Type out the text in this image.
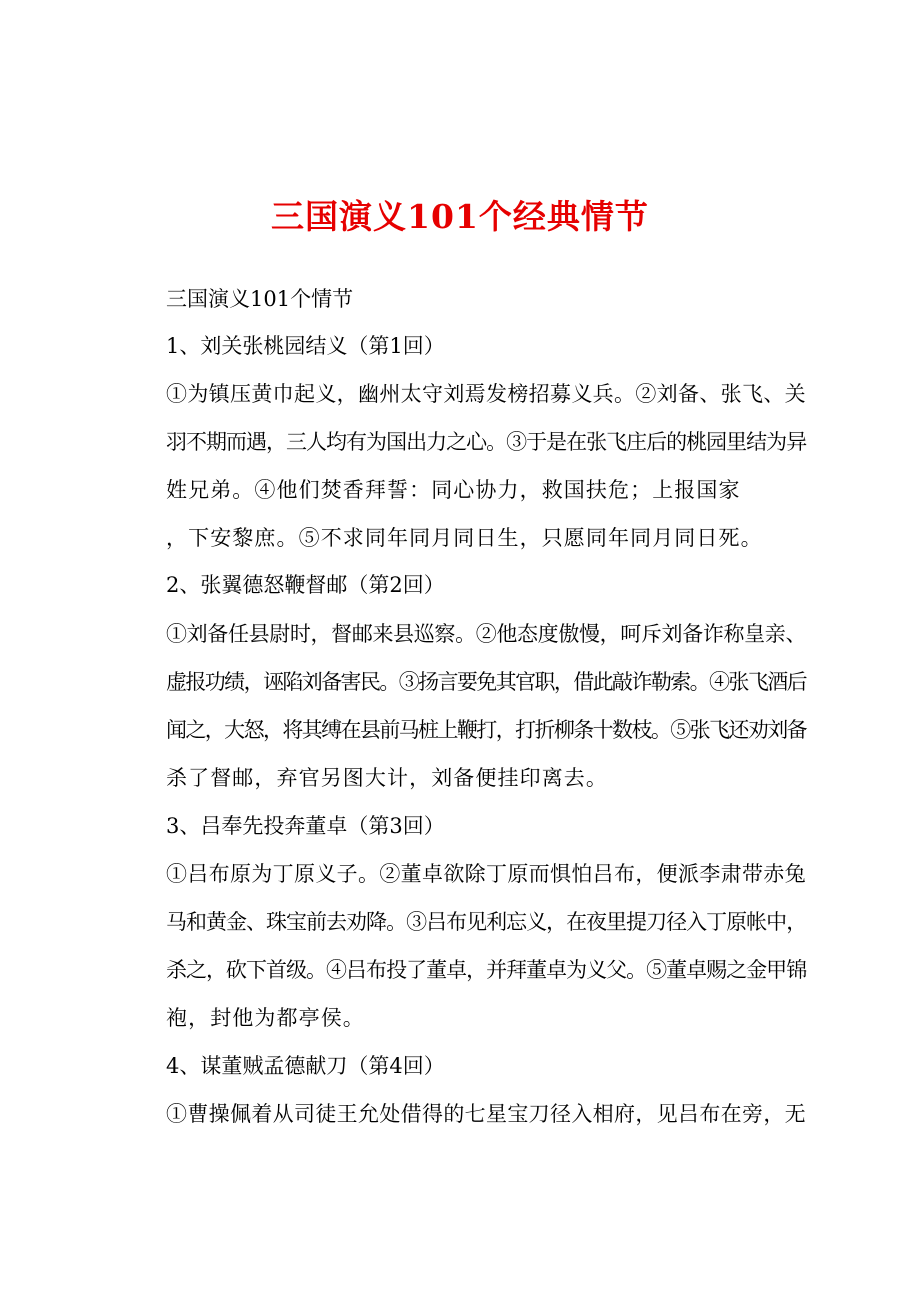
三国演义101个经典情节
三国演义101个情节
1、刘关张桃园结义（第1回）
①为镇压黄巾起义，幽州太守刘焉发榜招募义兵。②刘备、张飞、关
羽不期而遇，三人均有为国出力之心。③于是在张飞庄后的桃园里结为异
姓兄弟。④他们焚香拜誓：同心协力，救国扶危；上报国家
，下安黎庶。⑤不求同年同月同日生，只愿同年同月同日死。
2、张翼德怒鞭督邮（第2回）
①刘备任县尉时，督邮来县巡察。②他态度傲慢，呵斥刘备诈称皇亲、
虚报功绩，诬陷刘备害民。③扬言要免其官职，借此敲诈勒索。④张飞酒后
闻之，大怒，将其缚在县前马桩上鞭打，打折柳条十数枝。⑤张飞还劝刘备
杀了督邮，弃官另图大计，刘备便挂印离去。
3、吕奉先投奔董卓（第3回）
①吕布原为丁原义子。②董卓欲除丁原而惧怕吕布，便派李肃带赤兔
马和黄金、珠宝前去劝降。③吕布见利忘义，在夜里提刀径入丁原帐中，
杀之，砍下首级。④吕布投了董卓，并拜董卓为义父。⑤董卓赐之金甲锦
袍，封他为都亭侯。
4、谋董贼孟德献刀（第4回）
①曹操佩着从司徒王允处借得的七星宝刀径入相府，见吕布在旁，无
